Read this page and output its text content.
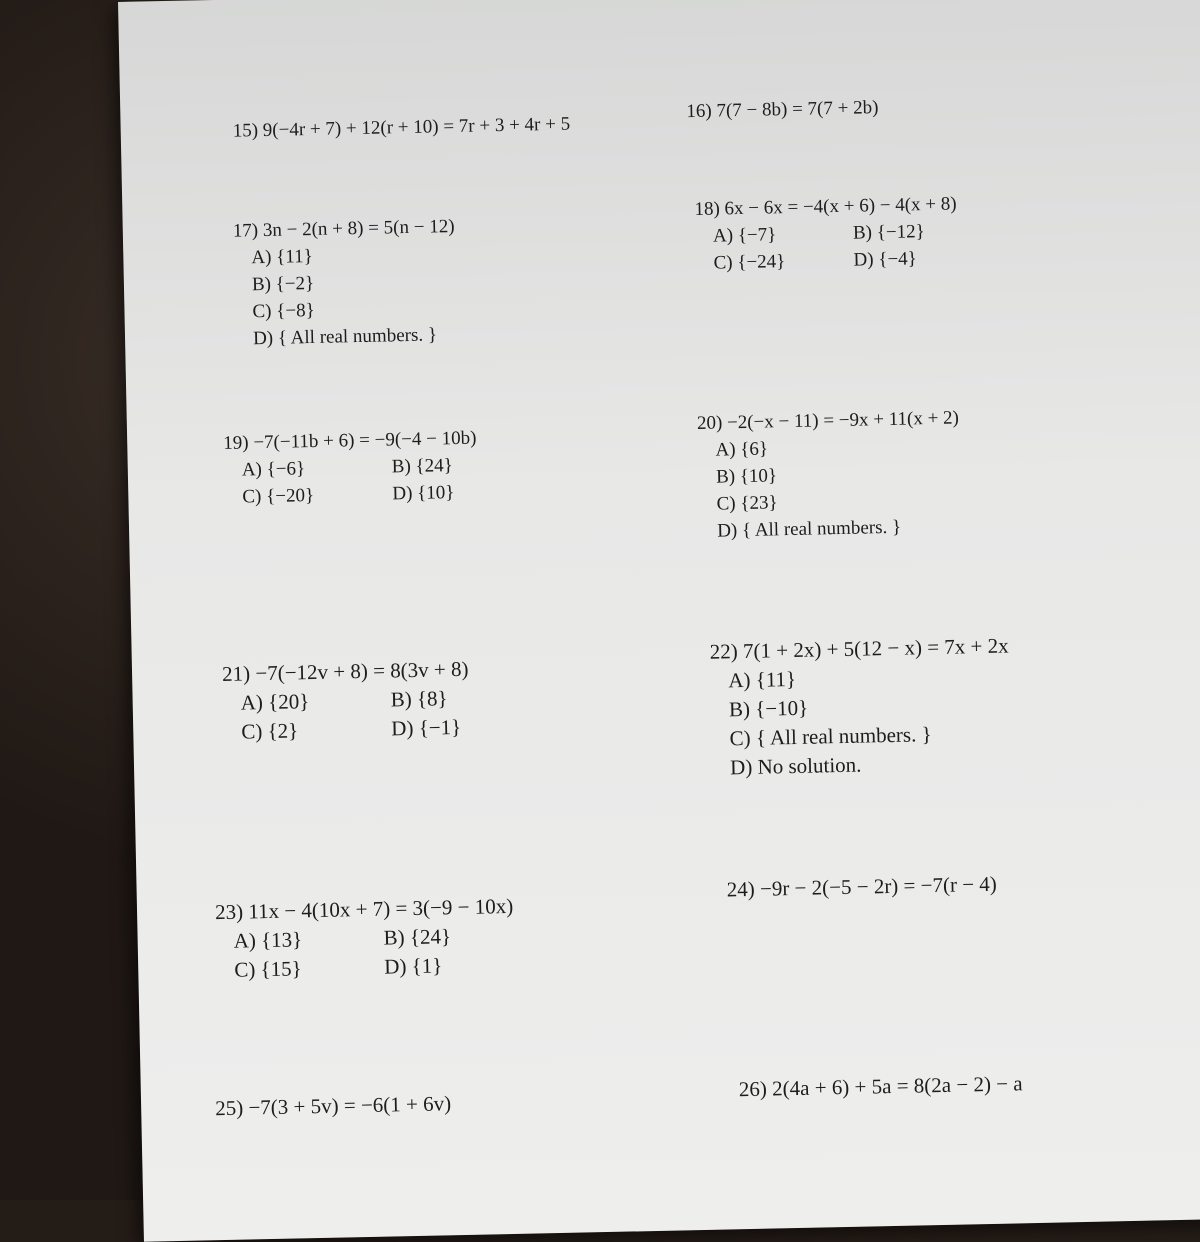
15) 9(−4r + 7) + 12(r + 10) = 7r + 3 + 4r + 5
16) 7(7 − 8b) = 7(7 + 2b)
17) 3n − 2(n + 8) = 5(n − 12)
A) {11}
B) {−2}
C) {−8}
D) { All real numbers. }
18) 6x − 6x = −4(x + 6) − 4(x + 8)
A) {−7}	B) {−12}
C) {−24}	D) {−4}
19) −7(−11b + 6) = −9(−4 − 10b)
A) {−6}	B) {24}
C) {−20}	D) {10}
20) −2(−x − 11) = −9x + 11(x + 2)
A) {6}
B) {10}
C) {23}
D) { All real numbers. }
21) −7(−12v + 8) = 8(3v + 8)
A) {20}	B) {8}
C) {2}	D) {−1}
22) 7(1 + 2x) + 5(12 − x) = 7x + 2x
A) {11}
B) {−10}
C) { All real numbers. }
D) No solution.
23) 11x − 4(10x + 7) = 3(−9 − 10x)
A) {13}	B) {24}
C) {15}	D) {1}
24) −9r − 2(−5 − 2r) = −7(r − 4)
25) −7(3 + 5v) = −6(1 + 6v)
26) 2(4a + 6) + 5a = 8(2a − 2) − a
